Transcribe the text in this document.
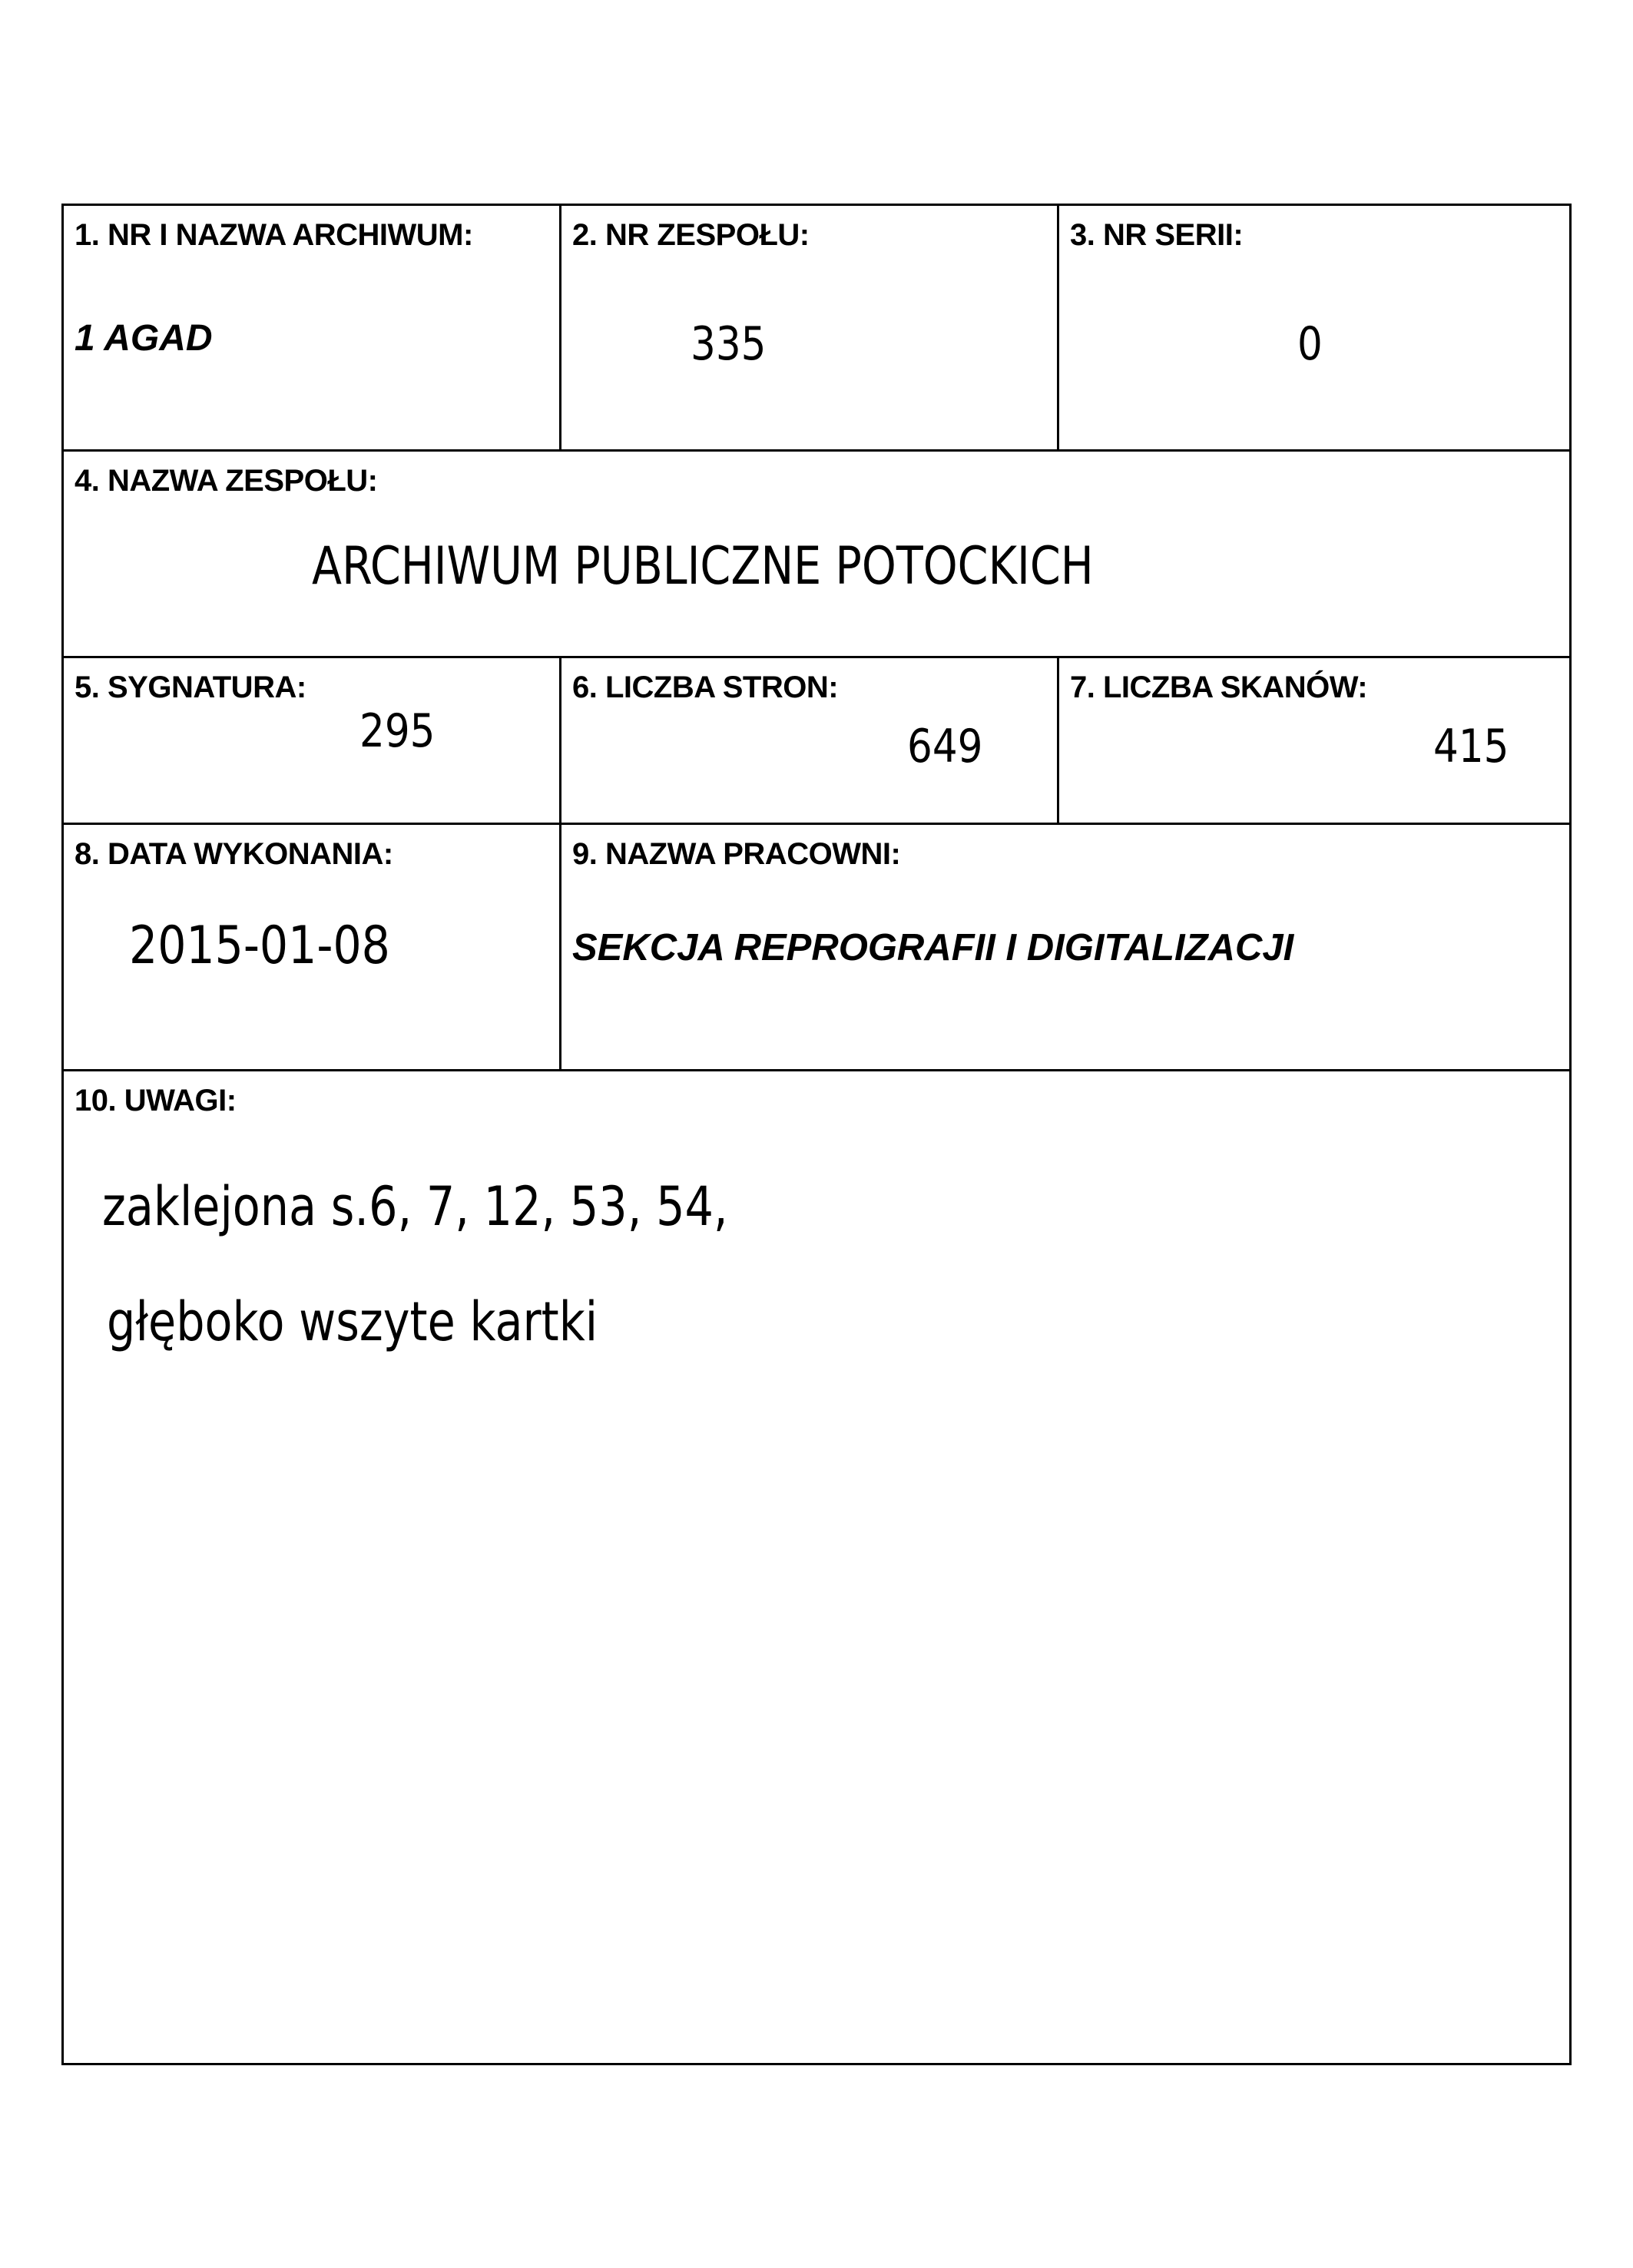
1. NR I NAZWA ARCHIWUM:
1 AGAD
2. NR ZESPOŁU:
335
3. NR SERII:
0
4. NAZWA ZESPOŁU:
ARCHIWUM PUBLICZNE POTOCKICH
5. SYGNATURA:
295
6. LICZBA STRON:
649
7. LICZBA SKANÓW:
415
8. DATA WYKONANIA:
2015-01-08
9. NAZWA PRACOWNI:
SEKCJA REPROGRAFII I DIGITALIZACJI
10. UWAGI:
zaklejona s.6, 7, 12, 53, 54,
głęboko wszyte kartki
